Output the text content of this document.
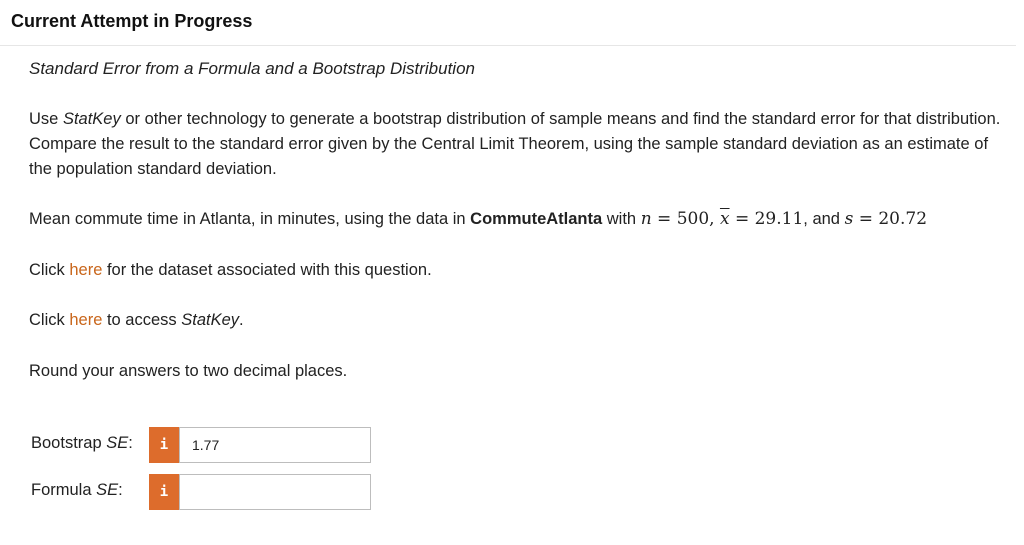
Current Attempt in Progress

Standard Error from a Formula and a Bootstrap Distribution

Use StatKey or other technology to generate a bootstrap distribution of sample means and find the standard error for that distribution. Compare the result to the standard error given by the Central Limit Theorem, using the sample standard deviation as an estimate of the population standard deviation.

Mean commute time in Atlanta, in minutes, using the data in CommuteAtlanta with n = 500, $\overline{x} = 29.11$, and s = 20.72

Click here for the dataset associated with this question.

Click here to access StatKey.

Round your answers to two decimal places.

Bootstrap SE:	i
1.77
Formula SE:	i
